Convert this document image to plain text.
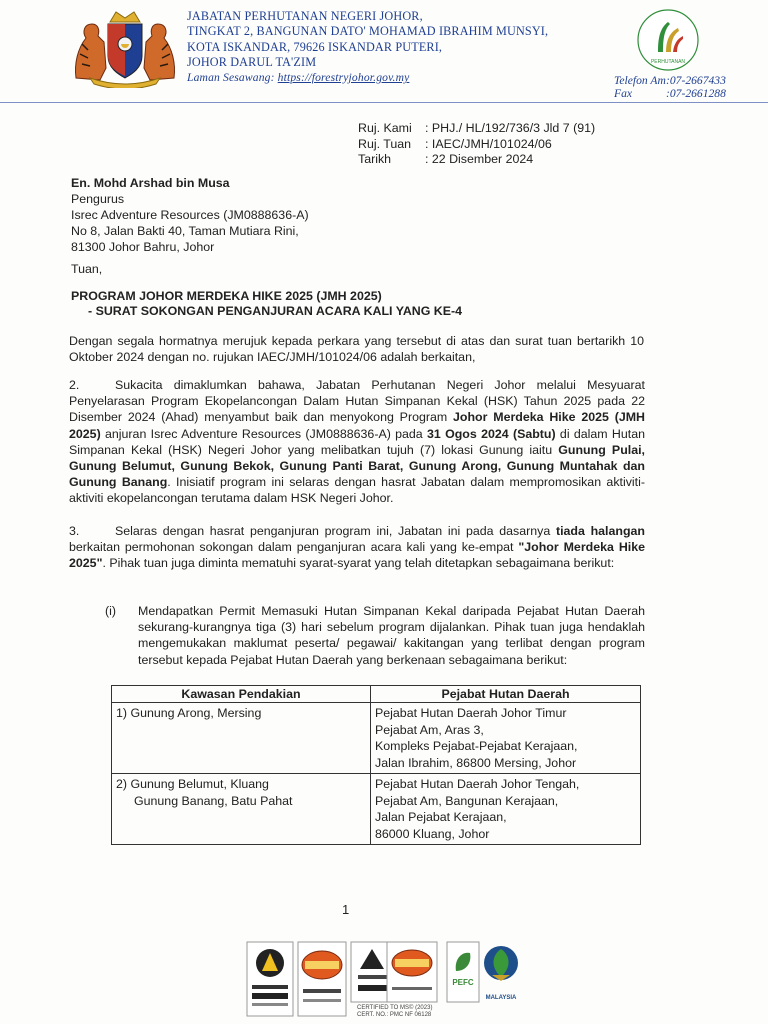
JABATAN PERHUTANAN NEGERI JOHOR,
TINGKAT 2, BANGUNAN DATO' MOHAMAD IBRAHIM MUNSYI,
KOTA ISKANDAR, 79626 ISKANDAR PUTERI,
JOHOR DARUL TA'ZIM
Laman Sesawang: https://forestryjohor.gov.my
PERHUTANAN
Telefon Am:07-2667433
Fax	:07-2661288
Ruj. Kami	: PHJ./ HL/192/736/3 Jld 7 (91)
Ruj. Tuan	: IAEC/JMH/101024/06
Tarikh	: 22 Disember 2024
En. Mohd Arshad bin Musa
Pengurus
Isrec Adventure Resources (JM0888636-A)
No 8, Jalan Bakti 40, Taman Mutiara Rini,
81300 Johor Bahru, Johor
Tuan,
PROGRAM JOHOR MERDEKA HIKE 2025 (JMH 2025)
- SURAT SOKONGAN PENGANJURAN ACARA KALI YANG KE-4
Dengan segala hormatnya merujuk kepada perkara yang tersebut di atas dan surat tuan bertarikh 10 Oktober 2024 dengan no. rujukan IAEC/JMH/101024/06 adalah berkaitan,
2.	Sukacita dimaklumkan bahawa, Jabatan Perhutanan Negeri Johor melalui Mesyuarat Penyelarasan Program Ekopelancongan Dalam Hutan Simpanan Kekal (HSK) Tahun 2025 pada 22 Disember 2024 (Ahad) menyambut baik dan menyokong Program Johor Merdeka Hike 2025 (JMH 2025) anjuran Isrec Adventure Resources (JM0888636-A) pada 31 Ogos 2024 (Sabtu) di dalam Hutan Simpanan Kekal (HSK) Negeri Johor yang melibatkan tujuh (7) lokasi Gunung iaitu Gunung Pulai, Gunung Belumut, Gunung Bekok, Gunung Panti Barat, Gunung Arong, Gunung Muntahak dan Gunung Banang. Inisiatif program ini selaras dengan hasrat Jabatan dalam mempromosikan aktiviti-aktiviti ekopelancongan terutama dalam HSK Negeri Johor.
3.	Selaras dengan hasrat penganjuran program ini, Jabatan ini pada dasarnya tiada halangan berkaitan permohonan sokongan dalam penganjuran acara kali yang ke-empat "Johor Merdeka Hike 2025". Pihak tuan juga diminta mematuhi syarat-syarat yang telah ditetapkan sebagaimana berikut:
(i) Mendapatkan Permit Memasuki Hutan Simpanan Kekal daripada Pejabat Hutan Daerah sekurang-kurangnya tiga (3) hari sebelum program dijalankan. Pihak tuan juga hendaklah mengemukakan maklumat peserta/ pegawai/ kakitangan yang terlibat dengan program tersebut kepada Pejabat Hutan Daerah yang berkenaan sebagaimana berikut:
Kawasan Pendakian	Pejabat Hutan Daerah

1) Gunung Arong, Mersing	Pejabat Hutan Daerah Johor Timur
Pejabat Am, Aras 3,
Kompleks Pejabat-Pejabat Kerajaan,
Jalan Ibrahim, 86800 Mersing, Johor

2) Gunung Belumut, Kluang
Gunung Banang, Batu Pahat	Pejabat Hutan Daerah Johor Tengah,
Pejabat Am, Bangunan Kerajaan,
Jalan Pejabat Kerajaan,
86000 Kluang, Johor
1
PEFC
MALAYSIA
CERTIFIED TO MS© (2023)
CERT. NO.: PMC NF 06128
